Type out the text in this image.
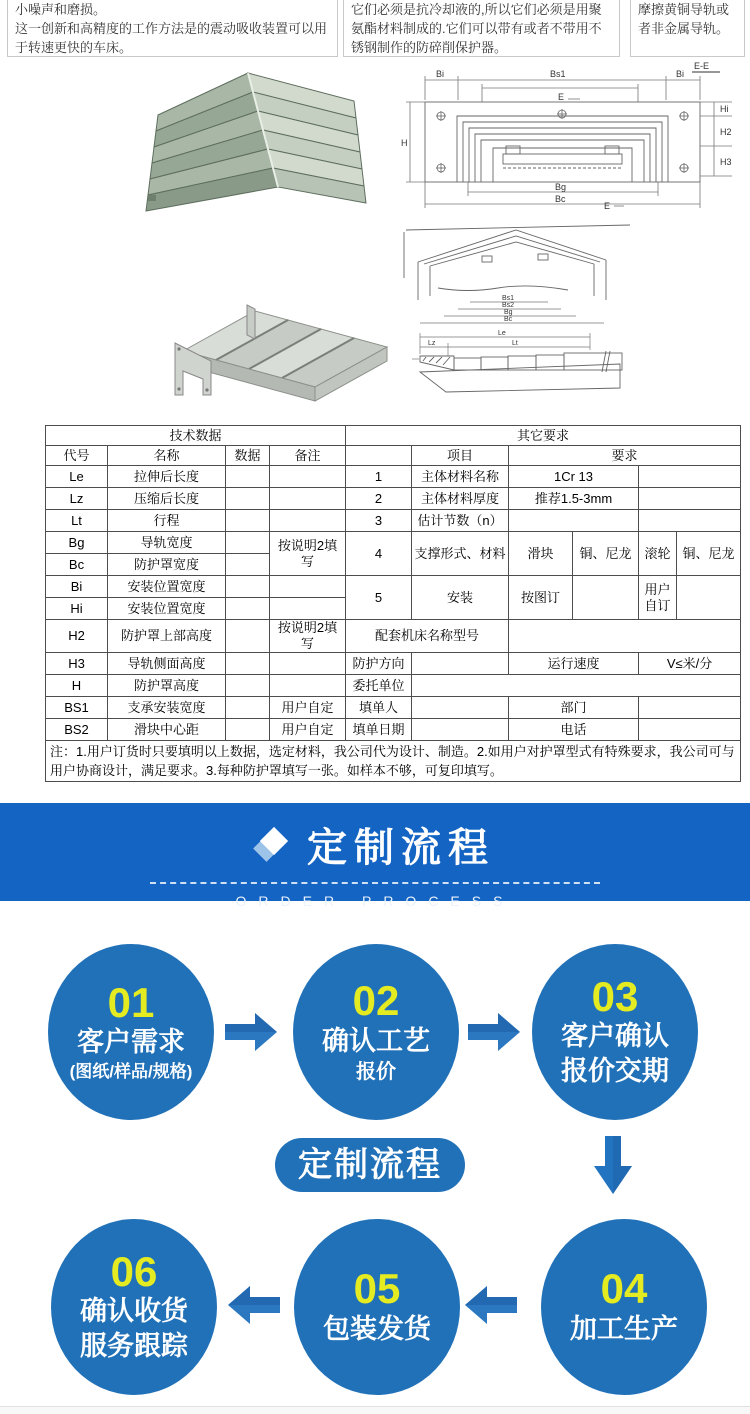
小噪声和磨损。

这一创新和高精度的工作方法是的震动吸收装置可以用于转速更快的车床。

它们必须是抗冷却液的,所以它们必须是用聚氨酯材料制成的.它们可以带有或者不带用不锈钢制作的防碎削保护器。

摩擦黄铜导轨或者非金属导轨。

E-E
Bi	Bs1	Bi
E
H
Hi
H2
H3
Bg
Bc
E
Bs1
Bs2
Bg
Bc
Le
Lz	Lt
技术数据				其它要求					
代号	名称	数据	备注		项目	要求			
Le	拉伸后长度			1	主体材料名称	1Cr 13			
Lz	压缩后长度			2	主体材料厚度	推荐1.5-3mm			
Lt	行程			3	估计节数（n）				
Bg	导轨宽度		按说明2填写	4	支撑形式、材料	滑块	铜、尼龙	滚轮	铜、尼龙
Bc	防护罩宽度								
Bi	安装位置宽度			5	安装	按图订		用户自订	
Hi	安装位置宽度								
H2	防护罩上部高度		按说明2填写	配套机床名称型号					
H3	导轨侧面高度			防护方向		运行速度		V≤米/分	
H	防护罩高度			委托单位					
BS1	支承安装宽度		用户自定	填单人		部门			
BS2	滑块中心距		用户自定	填单日期		电话			
注：1.用户订货时只要填明以上数据，选定材料，我公司代为设计、制造。2.如用户对护罩型式有特殊要求，我公司可与用户协商设计，满足要求。3.每种防护罩填写一张。如样本不够，可复印填写。									
定制流程
ORDER PROCESS
01
客户需求
(图纸/样品/规格)
02
确认工艺
报价
03
客户确认
报价交期
定制流程
06
确认收货
服务跟踪
05
包装发货
04
加工生产
